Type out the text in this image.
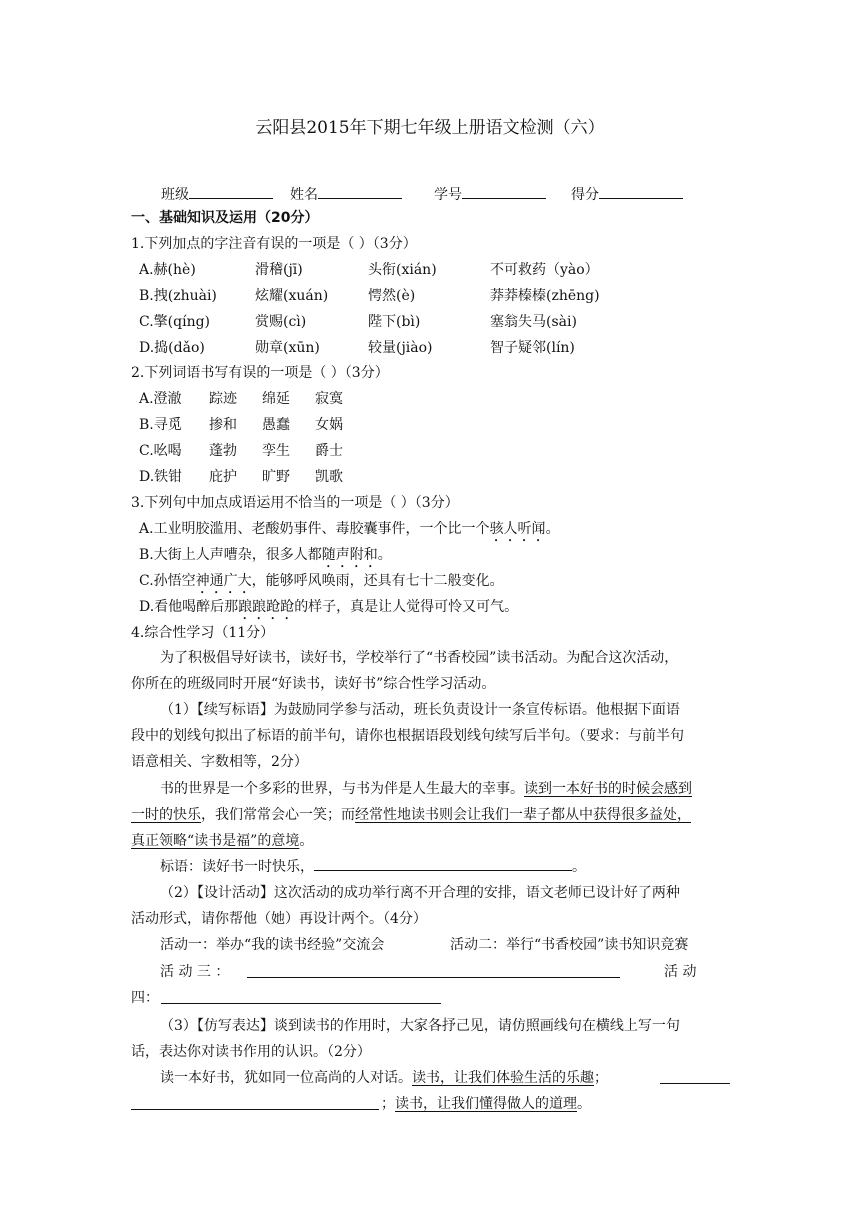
云阳县2015年下期七年级上册语文检测（六）
班级	姓名	学号	得分
一、基础知识及运用（20分）
1.下列加点的字注音有误的一项是（ ）（3分）
A.赫(hè)	滑稽(jī)	头衔(xián)	不可救药（yào）
B.拽(zhuài)	炫耀(xuán)	愕然(è)	莽莽榛榛(zhēng)
C.擎(qíng)	赏赐(cì)	陛下(bì)	塞翁失马(sài)
D.捣(dǎo)	勋章(xūn)	较量(jiào)	智子疑邻(lín)
2.下列词语书写有误的一项是（ ）（3分）
A.澄澈 踪迹 绵延 寂寞
B.寻觅 掺和 愚蠢 女娲
C.吆喝 蓬勃 孪生 爵士
D.铁钳 庇护 旷野 凯歌
3.下列句中加点成语运用不恰当的一项是（ ）（3分）
A.工业明胶滥用、老酸奶事件、毒胶囊事件，一个比一个骇人听闻。
B.大街上人声嘈杂，很多人都随声附和。
C.孙悟空神通广大，能够呼风唤雨，还具有七十二般变化。
D.看他喝醉后那踉踉跄跄的样子，真是让人觉得可怜又可气。
4.综合性学习（11分）
为了积极倡导好读书，读好书，学校举行了“书香校园”读书活动。为配合这次活动，
你所在的班级同时开展“好读书，读好书”综合性学习活动。
（1）【续写标语】为鼓励同学参与活动，班长负责设计一条宣传标语。他根据下面语
段中的划线句拟出了标语的前半句，请你也根据语段划线句续写后半句。（要求：与前半句
语意相关、字数相等，2分）
书的世界是一个多彩的世界，与书为伴是人生最大的幸事。读到一本好书的时候会感到
一时的快乐，我们常常会心一笑；而经常性地读书则会让我们一辈子都从中获得很多益处，
真正领略“读书是福”的意境。
标语：读好书一时快乐，	。
（2）【设计活动】这次活动的成功举行离不开合理的安排，语文老师已设计好了两种
活动形式，请你帮他（她）再设计两个。（4分）
活动一：举办“我的读书经验”交流会	活动二：举行“书香校园”读书知识竞赛
活 动 三 ：	活 动
四：
（3）【仿写表达】谈到读书的作用时，大家各抒己见，请仿照画线句在横线上写一句
话，表达你对读书作用的认识。（2分）
读一本好书，犹如同一位高尚的人对话。读书，让我们体验生活的乐趣；
；读书，让我们懂得做人的道理。
